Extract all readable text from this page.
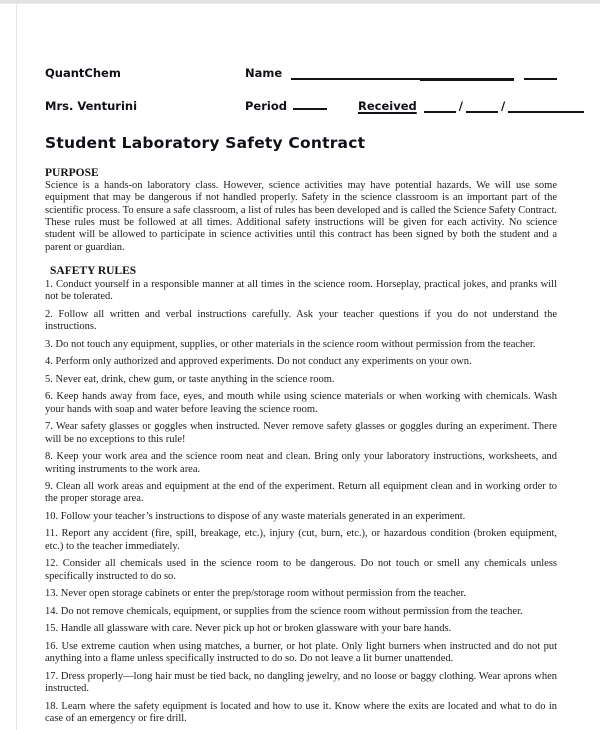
QuantChem	Name
Mrs. Venturini	Period	Received	/	/
Student Laboratory Safety Contract
PURPOSE

Science is a hands-on laboratory class. However, science activities may have potential hazards. We will use some equipment that may be dangerous if not handled properly. Safety in the science classroom is an important part of the scientific process. To ensure a safe classroom, a list of rules has been developed and is called the Science Safety Contract. These rules must be followed at all times. Additional safety instructions will be given for each activity. No science student will be allowed to participate in science activities until this contract has been signed by both the student and a parent or guardian.

SAFETY RULES

1. Conduct yourself in a responsible manner at all times in the science room. Horseplay, practical jokes, and pranks will not be tolerated.

2. Follow all written and verbal instructions carefully. Ask your teacher questions if you do not understand the instructions.

3. Do not touch any equipment, supplies, or other materials in the science room without permission from the teacher.

4. Perform only authorized and approved experiments. Do not conduct any experiments on your own.

5. Never eat, drink, chew gum, or taste anything in the science room.

6. Keep hands away from face, eyes, and mouth while using science materials or when working with chemicals. Wash your hands with soap and water before leaving the science room.

7. Wear safety glasses or goggles when instructed. Never remove safety glasses or goggles during an experiment. There will be no exceptions to this rule!

8. Keep your work area and the science room neat and clean. Bring only your laboratory instructions, worksheets, and writing instruments to the work area.

9. Clean all work areas and equipment at the end of the experiment. Return all equipment clean and in working order to the proper storage area.

10. Follow your teacher’s instructions to dispose of any waste materials generated in an experiment.

11. Report any accident (fire, spill, breakage, etc.), injury (cut, burn, etc.), or hazardous condition (broken equipment, etc.) to the teacher immediately.

12. Consider all chemicals used in the science room to be dangerous. Do not touch or smell any chemicals unless specifically instructed to do so.

13. Never open storage cabinets or enter the prep/storage room without permission from the teacher.

14. Do not remove chemicals, equipment, or supplies from the science room without permission from the teacher.

15. Handle all glassware with care. Never pick up hot or broken glassware with your bare hands.

16. Use extreme caution when using matches, a burner, or hot plate. Only light burners when instructed and do not put anything into a flame unless specifically instructed to do so. Do not leave a lit burner unattended.

17. Dress properly—long hair must be tied back, no dangling jewelry, and no loose or baggy clothing. Wear aprons when instructed.

18. Learn where the safety equipment is located and how to use it. Know where the exits are located and what to do in case of an emergency or fire drill.
